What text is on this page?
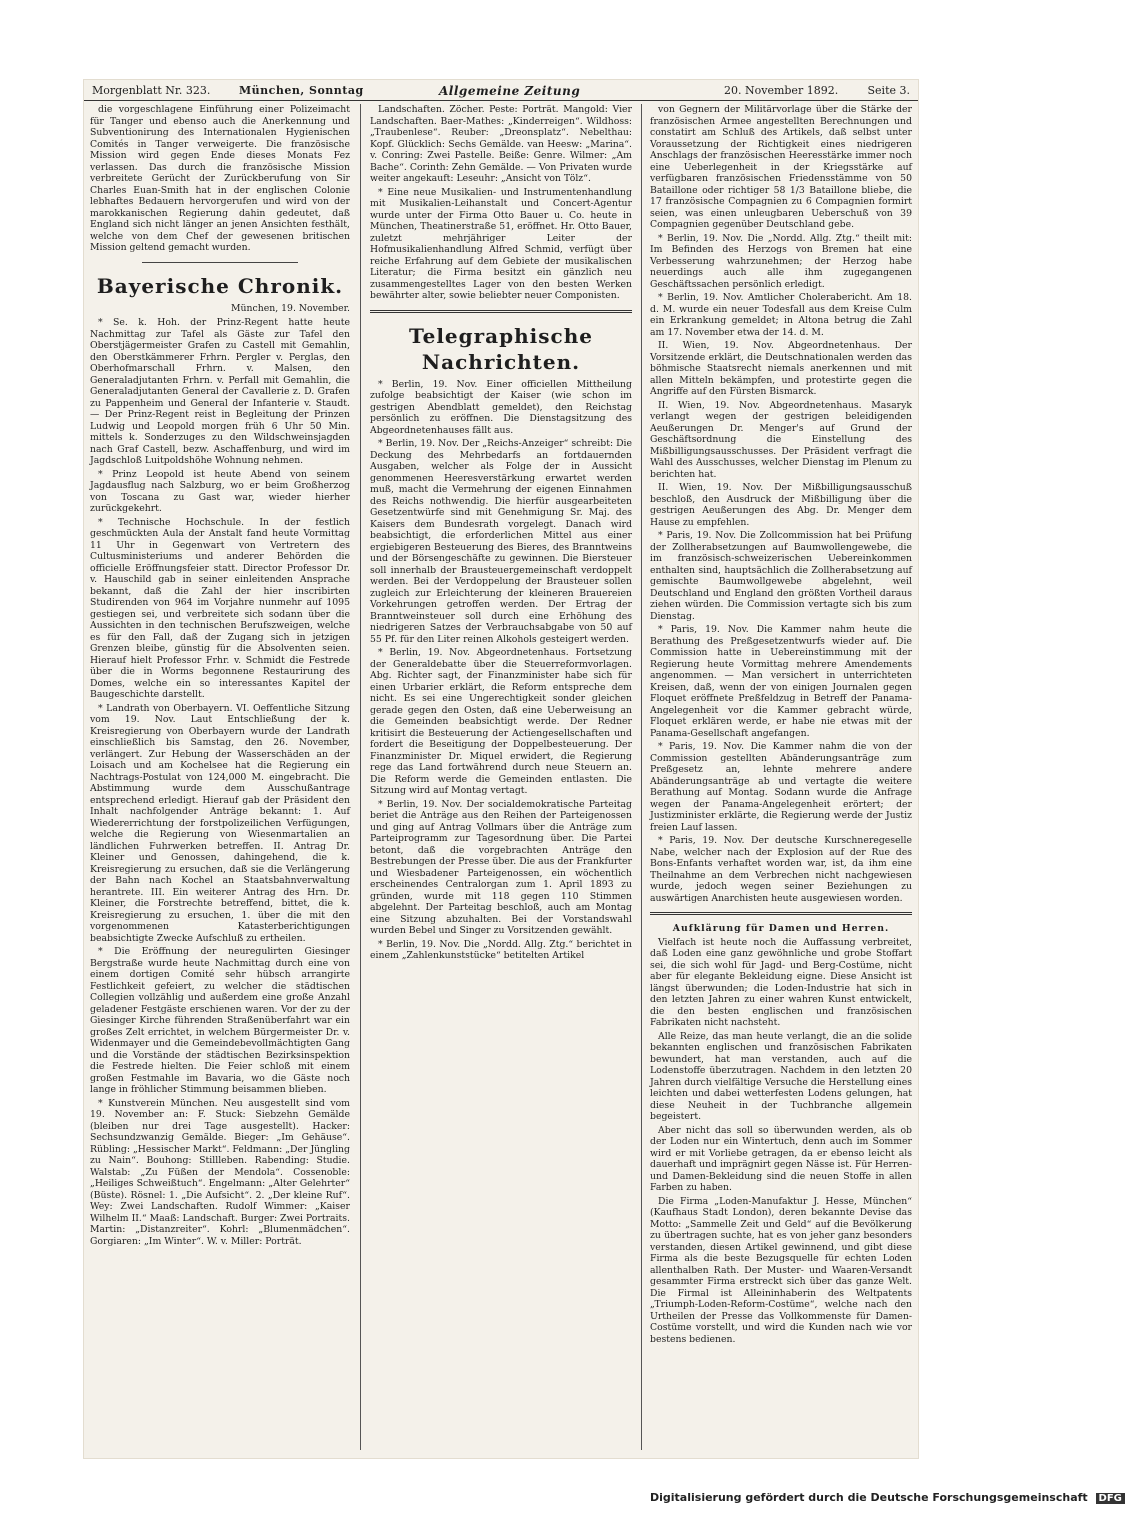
Morgenblatt Nr. 323.	München, Sonntag	Allgemeine Zeitung	20. November 1892.	Seite 3.

die vorgeschlagene Einführung einer Polizeimacht für Tanger und ebenso auch die Anerkennung und Subventionirung des Internationalen Hygienischen Comités in Tanger verweigerte. Die französische Mission wird gegen Ende dieses Monats Fez verlassen. Das durch die französische Mission verbreitete Gerücht der Zurückberufung von Sir Charles Euan-Smith hat in der englischen Colonie lebhaftes Bedauern hervorgerufen und wird von der marokkanischen Regierung dahin gedeutet, daß England sich nicht länger an jenen Ansichten festhält, welche von dem Chef der gewesenen britischen Mission geltend gemacht wurden.

Bayerische Chronik.
München, 19. November.

* Se. k. Hoh. der Prinz-Regent hatte heute Nachmittag zur Tafel als Gäste zur Tafel den Oberstjägermeister Grafen zu Castell mit Gemahlin, den Oberstkämmerer Frhrn. Pergler v. Perglas, den Oberhofmarschall Frhrn. v. Malsen, den Generaladjutanten Frhrn. v. Perfall mit Gemahlin, die Generaladjutanten General der Cavallerie z. D. Grafen zu Pappenheim und General der Infanterie v. Staudt. — Der Prinz-Regent reist in Begleitung der Prinzen Ludwig und Leopold morgen früh 6 Uhr 50 Min. mittels k. Sonderzuges zu den Wildschweinsjagden nach Graf Castell, bezw. Aschaffenburg, und wird im Jagdschloß Luitpoldshöhe Wohnung nehmen.

* Prinz Leopold ist heute Abend von seinem Jagdausflug nach Salzburg, wo er beim Großherzog von Toscana zu Gast war, wieder hierher zurückgekehrt.

* Technische Hochschule. In der festlich geschmückten Aula der Anstalt fand heute Vormittag 11 Uhr in Gegenwart von Vertretern des Cultusministeriums und anderer Behörden die officielle Eröffnungsfeier statt. Director Professor Dr. v. Hauschild gab in seiner einleitenden Ansprache bekannt, daß die Zahl der hier inscribirten Studirenden von 964 im Vorjahre nunmehr auf 1095 gestiegen sei, und verbreitete sich sodann über die Aussichten in den technischen Berufszweigen, welche es für den Fall, daß der Zugang sich in jetzigen Grenzen bleibe, günstig für die Absolventen seien. Hierauf hielt Professor Frhr. v. Schmidt die Festrede über die in Worms begonnene Restaurirung des Domes, welche ein so interessantes Kapitel der Baugeschichte darstellt.

* Landrath von Oberbayern. VI. Oeffentliche Sitzung vom 19. Nov. Laut Entschließung der k. Kreisregierung von Oberbayern wurde der Landrath einschließlich bis Samstag, den 26. November, verlängert. Zur Hebung der Wasserschäden an der Loisach und am Kochelsee hat die Regierung ein Nachtrags-Postulat von 124,000 M. eingebracht. Die Abstimmung wurde dem Ausschußantrage entsprechend erledigt. Hierauf gab der Präsident den Inhalt nachfolgender Anträge bekannt: 1. Auf Wiedererrichtung der forstpolizeilichen Verfügungen, welche die Regierung von Wiesenmartalien an ländlichen Fuhrwerken betreffen. II. Antrag Dr. Kleiner und Genossen, dahingehend, die k. Kreisregierung zu ersuchen, daß sie die Verlängerung der Bahn nach Kochel an Staatsbahnverwaltung herantrete. III. Ein weiterer Antrag des Hrn. Dr. Kleiner, die Forstrechte betreffend, bittet, die k. Kreisregierung zu ersuchen, 1. über die mit den vorgenommenen Katasterberichtigungen beabsichtigte Zwecke Aufschluß zu ertheilen.

* Die Eröffnung der neuregulirten Giesinger Bergstraße wurde heute Nachmittag durch eine von einem dortigen Comité sehr hübsch arrangirte Festlichkeit gefeiert, zu welcher die städtischen Collegien vollzählig und außerdem eine große Anzahl geladener Festgäste erschienen waren. Vor der zu der Giesinger Kirche führenden Straßenüberfahrt war ein großes Zelt errichtet, in welchem Bürgermeister Dr. v. Widenmayer und die Gemeindebevollmächtigten Gang und die Vorstände der städtischen Bezirksinspektion die Festrede hielten. Die Feier schloß mit einem großen Festmahle im Bavaria, wo die Gäste noch lange in fröhlicher Stimmung beisammen blieben.

* Kunstverein München. Neu ausgestellt sind vom 19. November an: F. Stuck: Siebzehn Gemälde (bleiben nur drei Tage ausgestellt). Hacker: Sechsundzwanzig Gemälde. Bieger: „Im Gehäuse“. Rübling: „Hessischer Markt“. Feldmann: „Der Jüngling zu Nain“. Bouhong: Stillleben. Rabending: Studie. Walstab: „Zu Füßen der Mendola“. Cossenoble: „Heiliges Schweißtuch“. Engelmann: „Alter Gelehrter“ (Büste). Rösnel: 1. „Die Aufsicht“. 2. „Der kleine Ruf“. Wey: Zwei Landschaften. Rudolf Wimmer: „Kaiser Wilhelm II.“ Maaß: Landschaft. Burger: Zwei Portraits. Martin: „Distanzreiter“. Kohrl: „Blumenmädchen“. Gorgiaren: „Im Winter“. W. v. Miller: Porträt.

Landschaften. Zöcher. Peste: Porträt. Mangold: Vier Landschaften. Baer-Mathes: „Kinderreigen“. Wildhoss: „Traubenlese“. Reuber: „Dreonsplatz“. Nebelthau: Kopf. Glücklich: Sechs Gemälde. van Heesw: „Marina“. v. Conring: Zwei Pastelle. Beiße: Genre. Wilmer: „Am Bache“. Corinth: Zehn Gemälde. — Von Privaten wurde weiter angekauft: Leseuhr: „Ansicht von Tölz“.

* Eine neue Musikalien- und Instrumentenhandlung mit Musikalien-Leihanstalt und Concert-Agentur wurde unter der Firma Otto Bauer u. Co. heute in München, Theatinerstraße 51, eröffnet. Hr. Otto Bauer, zuletzt mehrjähriger Leiter der Hofmusikalienhandlung Alfred Schmid, verfügt über reiche Erfahrung auf dem Gebiete der musikalischen Literatur; die Firma besitzt ein gänzlich neu zusammengestelltes Lager von den besten Werken bewährter alter, sowie beliebter neuer Componisten.

Telegraphische Nachrichten.

* Berlin, 19. Nov. Einer officiellen Mittheilung zufolge beabsichtigt der Kaiser (wie schon im gestrigen Abendblatt gemeldet), den Reichstag persönlich zu eröffnen. Die Dienstagsitzung des Abgeordnetenhauses fällt aus.

* Berlin, 19. Nov. Der „Reichs-Anzeiger“ schreibt: Die Deckung des Mehrbedarfs an fortdauernden Ausgaben, welcher als Folge der in Aussicht genommenen Heeresverstärkung erwartet werden muß, macht die Vermehrung der eigenen Einnahmen des Reichs nothwendig. Die hierfür ausgearbeiteten Gesetzentwürfe sind mit Genehmigung Sr. Maj. des Kaisers dem Bundesrath vorgelegt. Danach wird beabsichtigt, die erforderlichen Mittel aus einer ergiebigeren Besteuerung des Bieres, des Branntweins und der Börsengeschäfte zu gewinnen. Die Biersteuer soll innerhalb der Brausteuergemeinschaft verdoppelt werden. Bei der Verdoppelung der Brausteuer sollen zugleich zur Erleichterung der kleineren Brauereien Vorkehrungen getroffen werden. Der Ertrag der Branntweinsteuer soll durch eine Erhöhung des niedrigeren Satzes der Verbrauchsabgabe von 50 auf 55 Pf. für den Liter reinen Alkohols gesteigert werden.

* Berlin, 19. Nov. Abgeordnetenhaus. Fortsetzung der Generaldebatte über die Steuerreformvorlagen. Abg. Richter sagt, der Finanzminister habe sich für einen Urbarier erklärt, die Reform entspreche dem nicht. Es sei eine Ungerechtigkeit sonder gleichen gerade gegen den Osten, daß eine Ueberweisung an die Gemeinden beabsichtigt werde. Der Redner kritisirt die Besteuerung der Actiengesellschaften und fordert die Beseitigung der Doppelbesteuerung. Der Finanzminister Dr. Miquel erwidert, die Regierung rege das Land fortwährend durch neue Steuern an. Die Reform werde die Gemeinden entlasten. Die Sitzung wird auf Montag vertagt.

* Berlin, 19. Nov. Der socialdemokratische Parteitag beriet die Anträge aus den Reihen der Parteigenossen und ging auf Antrag Vollmars über die Anträge zum Parteiprogramm zur Tagesordnung über. Die Partei betont, daß die vorgebrachten Anträge den Bestrebungen der Presse über. Die aus der Frankfurter und Wiesbadener Parteigenossen, ein wöchentlich erscheinendes Centralorgan zum 1. April 1893 zu gründen, wurde mit 118 gegen 110 Stimmen abgelehnt. Der Parteitag beschloß, auch am Montag eine Sitzung abzuhalten. Bei der Vorstandswahl wurden Bebel und Singer zu Vorsitzenden gewählt.

* Berlin, 19. Nov. Die „Nordd. Allg. Ztg.“ berichtet in einem „Zahlenkunststücke“ betitelten Artikel

von Gegnern der Militärvorlage über die Stärke der französischen Armee angestellten Berechnungen und constatirt am Schluß des Artikels, daß selbst unter Voraussetzung der Richtigkeit eines niedrigeren Anschlags der französischen Heeresstärke immer noch eine Ueberlegenheit in der Kriegsstärke auf verfügbaren französischen Friedensstämme von 50 Bataillone oder richtiger 58 1/3 Bataillone bliebe, die 17 französische Compagnien zu 6 Compagnien formirt seien, was einen unleugbaren Ueberschuß von 39 Compagnien gegenüber Deutschland gebe.

* Berlin, 19. Nov. Die „Nordd. Allg. Ztg.“ theilt mit: Im Befinden des Herzogs von Bremen hat eine Verbesserung wahrzunehmen; der Herzog habe neuerdings auch alle ihm zugegangenen Geschäftssachen persönlich erledigt.

* Berlin, 19. Nov. Amtlicher Cholerabericht. Am 18. d. M. wurde ein neuer Todesfall aus dem Kreise Culm ein Erkrankung gemeldet; in Altona betrug die Zahl am 17. November etwa der 14. d. M.

II. Wien, 19. Nov. Abgeordnetenhaus. Der Vorsitzende erklärt, die Deutschnationalen werden das böhmische Staatsrecht niemals anerkennen und mit allen Mitteln bekämpfen, und protestirte gegen die Angriffe auf den Fürsten Bismarck.

II. Wien, 19. Nov. Abgeordnetenhaus. Masaryk verlangt wegen der gestrigen beleidigenden Aeußerungen Dr. Menger's auf Grund der Geschäftsordnung die Einstellung des Mißbilligungsausschusses. Der Präsident verfragt die Wahl des Ausschusses, welcher Dienstag im Plenum zu berichten hat.

II. Wien, 19. Nov. Der Mißbilligungsausschuß beschloß, den Ausdruck der Mißbilligung über die gestrigen Aeußerungen des Abg. Dr. Menger dem Hause zu empfehlen.

* Paris, 19. Nov. Die Zollcommission hat bei Prüfung der Zollherabsetzungen auf Baumwollengewebe, die im französisch-schweizerischen Uebereinkommen enthalten sind, hauptsächlich die Zollherabsetzung auf gemischte Baumwollgewebe abgelehnt, weil Deutschland und England den größten Vortheil daraus ziehen würden. Die Commission vertagte sich bis zum Dienstag.

* Paris, 19. Nov. Die Kammer nahm heute die Berathung des Preßgesetzentwurfs wieder auf. Die Commission hatte in Uebereinstimmung mit der Regierung heute Vormittag mehrere Amendements angenommen. — Man versichert in unterrichteten Kreisen, daß, wenn der von einigen Journalen gegen Floquet eröffnete Preßfeldzug in Betreff der Panama-Angelegenheit vor die Kammer gebracht würde, Floquet erklären werde, er habe nie etwas mit der Panama-Gesellschaft angefangen.

* Paris, 19. Nov. Die Kammer nahm die von der Commission gestellten Abänderungsanträge zum Preßgesetz an, lehnte mehrere andere Abänderungsanträge ab und vertagte die weitere Berathung auf Montag. Sodann wurde die Anfrage wegen der Panama-Angelegenheit erörtert; der Justizminister erklärte, die Regierung werde der Justiz freien Lauf lassen.

* Paris, 19. Nov. Der deutsche Kurschneregeselle Nabe, welcher nach der Explosion auf der Rue des Bons-Enfants verhaftet worden war, ist, da ihm eine Theilnahme an dem Verbrechen nicht nachgewiesen wurde, jedoch wegen seiner Beziehungen zu auswärtigen Anarchisten heute ausgewiesen worden.

Aufklärung für Damen und Herren.

Vielfach ist heute noch die Auffassung verbreitet, daß Loden eine ganz gewöhnliche und grobe Stoffart sei, die sich wohl für Jagd- und Berg-Costüme, nicht aber für elegante Bekleidung eigne. Diese Ansicht ist längst überwunden; die Loden-Industrie hat sich in den letzten Jahren zu einer wahren Kunst entwickelt, die den besten englischen und französischen Fabrikaten nicht nachsteht.

Alle Reize, das man heute verlangt, die an die solide bekannten englischen und französischen Fabrikaten bewundert, hat man verstanden, auch auf die Lodenstoffe überzutragen. Nachdem in den letzten 20 Jahren durch vielfältige Versuche die Herstellung eines leichten und dabei wetterfesten Lodens gelungen, hat diese Neuheit in der Tuchbranche allgemein begeistert.

Aber nicht das soll so überwunden werden, als ob der Loden nur ein Wintertuch, denn auch im Sommer wird er mit Vorliebe getragen, da er ebenso leicht als dauerhaft und imprägnirt gegen Nässe ist. Für Herren- und Damen-Bekleidung sind die neuen Stoffe in allen Farben zu haben.

Die Firma „Loden-Manufaktur J. Hesse, München“ (Kaufhaus Stadt London), deren bekannte Devise das Motto: „Sammelle Zeit und Geld“ auf die Bevölkerung zu übertragen suchte, hat es von jeher ganz besonders verstanden, diesen Artikel gewinnend, und gibt diese Firma als die beste Bezugsquelle für echten Loden allenthalben Rath. Der Muster- und Waaren-Versandt gesammter Firma erstreckt sich über das ganze Welt. Die Firmal ist Alleininhaberin des Weltpatents „Triumph-Loden-Reform-Costüme“, welche nach den Urtheilen der Presse das Vollkommenste für Damen-Costüme vorstellt, und wird die Kunden nach wie vor bestens bedienen.

Digitalisierung gefördert durch die Deutsche Forschungsgemeinschaft DFG
